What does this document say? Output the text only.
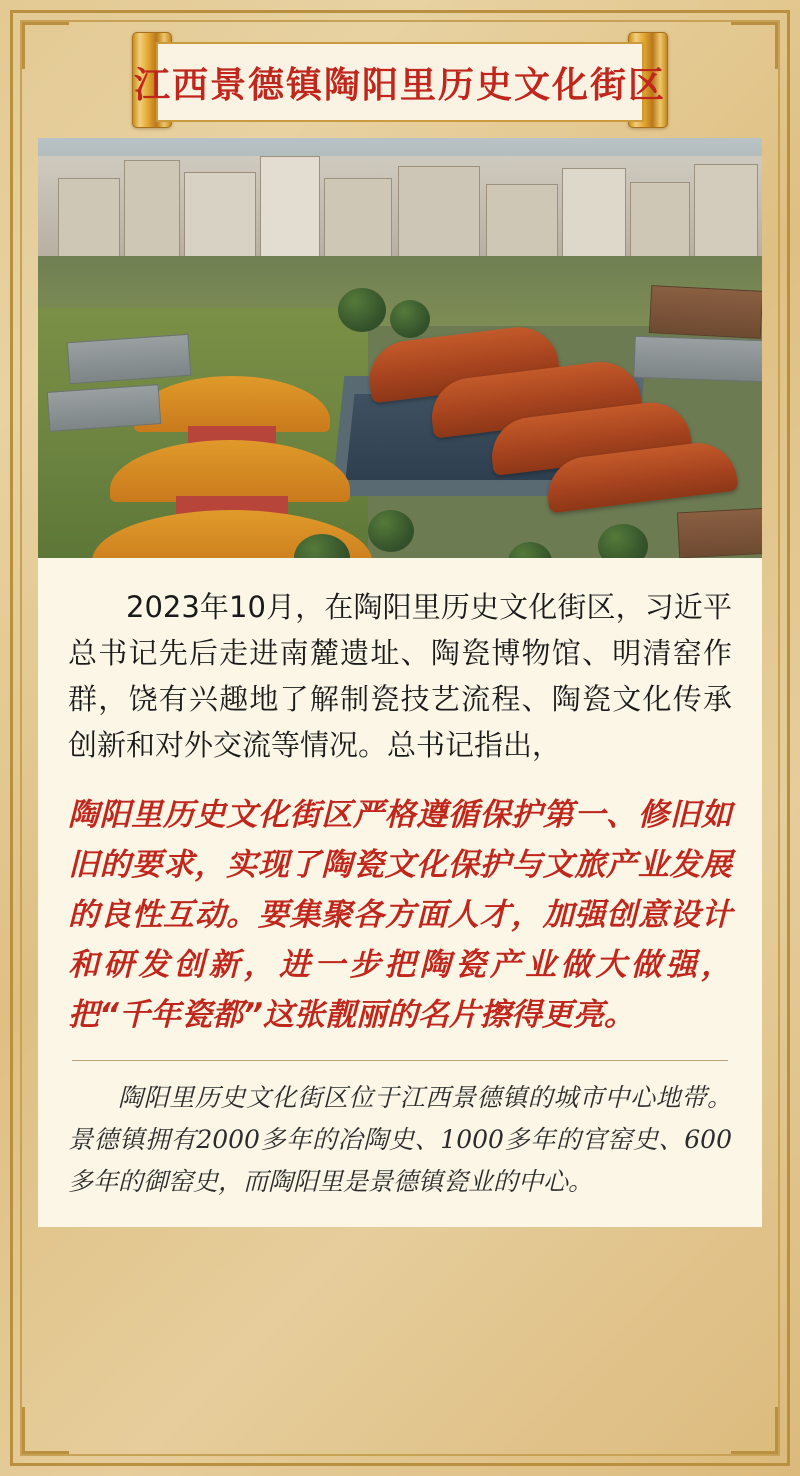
江西景德镇陶阳里历史文化街区

2023年10月，在陶阳里历史文化街区，习近平总书记先后走进南麓遗址、陶瓷博物馆、明清窑作群，饶有兴趣地了解制瓷技艺流程、陶瓷文化传承创新和对外交流等情况。总书记指出，

陶阳里历史文化街区严格遵循保护第一、修旧如旧的要求，实现了陶瓷文化保护与文旅产业发展的良性互动。要集聚各方面人才，加强创意设计和研发创新，进一步把陶瓷产业做大做强，把“千年瓷都”这张靓丽的名片擦得更亮。

陶阳里历史文化街区位于江西景德镇的城市中心地带。景德镇拥有2000多年的冶陶史、1000多年的官窑史、600多年的御窑史，而陶阳里是景德镇瓷业的中心。
